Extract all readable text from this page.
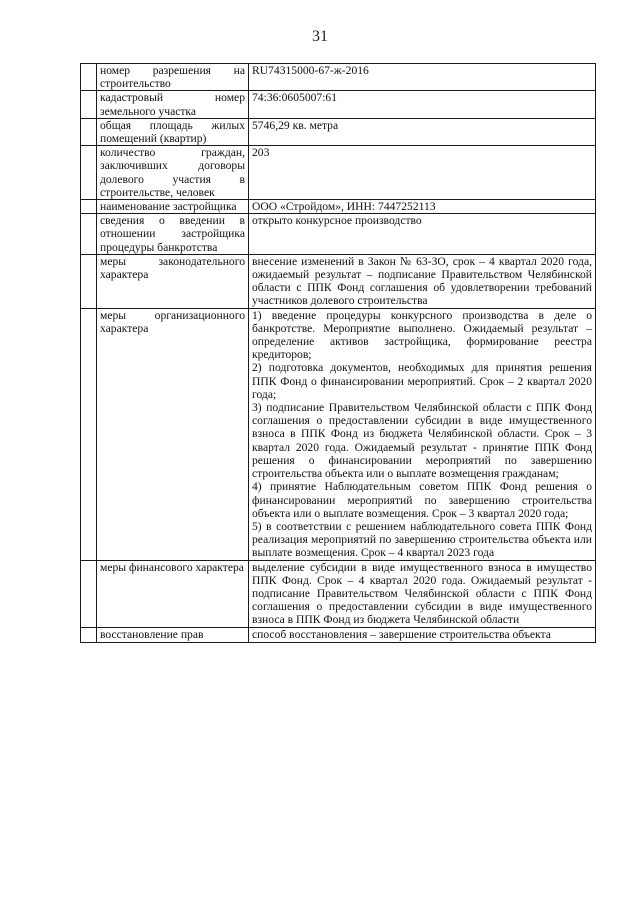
31
	номер разрешения на строительство	RU74315000-67-ж-2016

	кадастровый номер земельного участка	74:36:0605007:61

	общая площадь жилых помещений (квартир)	5746,29 кв. метра

	количество граждан, заключивших договоры долевого участия в строительстве, человек	203

	наименование застройщика	ООО «Стройдом», ИНН: 7447252113

	сведения о введении в отношении застройщика процедуры банкротства	открыто конкурсное производство

	меры законодательного характера	внесение изменений в Закон № 63-ЗО, срок – 4 квартал 2020 года, ожидаемый результат – подписание Правительством Челябинской области с ППК Фонд соглашения об удовлетворении требований участников долевого строительства

	меры организационного характера	1) введение процедуры конкурсного производства в деле о банкротстве. Мероприятие выполнено. Ожидаемый результат – определение активов застройщика, формирование реестра кредиторов;
2) подготовка документов, необходимых для принятия решения ППК Фонд о финансировании мероприятий. Срок – 2 квартал 2020 года;
3) подписание Правительством Челябинской области с ППК Фонд соглашения о предоставлении субсидии в виде имущественного взноса в ППК Фонд из бюджета Челябинской области. Срок – 3 квартал 2020 года. Ожидаемый результат - принятие ППК Фонд решения о финансировании мероприятий по завершению строительства объекта или о выплате возмещения гражданам;
4) принятие Наблюдательным советом ППК Фонд решения о финансировании мероприятий по завершению строительства объекта или о выплате возмещения. Срок – 3 квартал 2020 года;
5) в соответствии с решением наблюдательного совета ППК Фонд реализация мероприятий по завершению строительства объекта или выплате возмещения. Срок – 4 квартал 2023 года

	меры финансового характера	выделение субсидии в виде имущественного взноса в имущество ППК Фонд. Срок – 4 квартал 2020 года. Ожидаемый результат - подписание Правительством Челябинской области с ППК Фонд соглашения о предоставлении субсидии в виде имущественного взноса в ППК Фонд из бюджета Челябинской области

	восстановление прав	способ восстановления – завершение строительства объекта
